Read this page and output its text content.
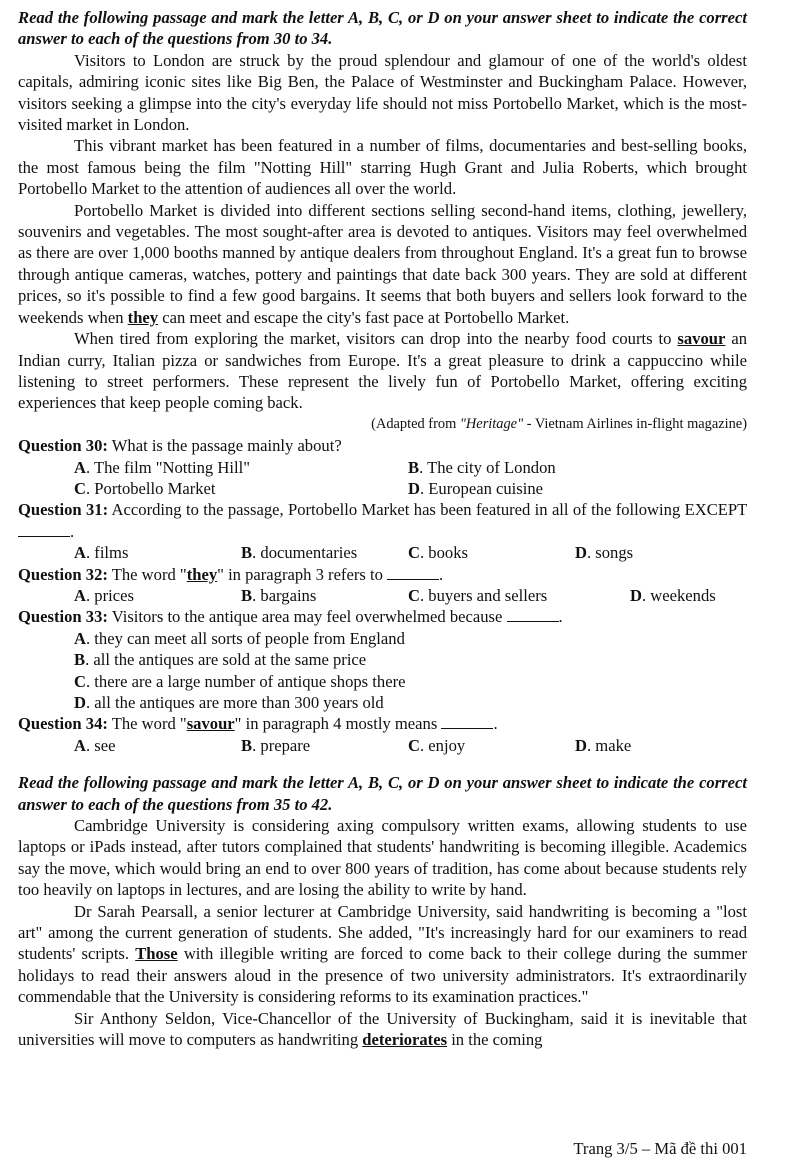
Read the following passage and mark the letter A, B, C, or D on your answer sheet to indicate the correct answer to each of the questions from 30 to 34.
Visitors to London are struck by the proud splendour and glamour of one of the world's oldest capitals, admiring iconic sites like Big Ben, the Palace of Westminster and Buckingham Palace. However, visitors seeking a glimpse into the city's everyday life should not miss Portobello Market, which is the most-visited market in London.
This vibrant market has been featured in a number of films, documentaries and best-selling books, the most famous being the film "Notting Hill" starring Hugh Grant and Julia Roberts, which brought Portobello Market to the attention of audiences all over the world.
Portobello Market is divided into different sections selling second-hand items, clothing, jewellery, souvenirs and vegetables. The most sought-after area is devoted to antiques. Visitors may feel overwhelmed as there are over 1,000 booths manned by antique dealers from throughout England. It's a great fun to browse through antique cameras, watches, pottery and paintings that date back 300 years. They are sold at different prices, so it's possible to find a few good bargains. It seems that both buyers and sellers look forward to the weekends when they can meet and escape the city's fast pace at Portobello Market.
When tired from exploring the market, visitors can drop into the nearby food courts to savour an Indian curry, Italian pizza or sandwiches from Europe. It's a great pleasure to drink a cappuccino while listening to street performers. These represent the lively fun of Portobello Market, offering exciting experiences that keep people coming back.
(Adapted from "Heritage" - Vietnam Airlines in-flight magazine)
Question 30: What is the passage mainly about?
A. The film "Notting Hill"	B. The city of London
C. Portobello Market	D. European cuisine
Question 31: According to the passage, Portobello Market has been featured in all of the following EXCEPT .
A. films	B. documentaries	C. books	D. songs
Question 32: The word "they" in paragraph 3 refers to	.
A. prices	B. bargains	C. buyers and sellers	D. weekends
Question 33: Visitors to the antique area may feel overwhelmed because	.
A. they can meet all sorts of people from England
B. all the antiques are sold at the same price
C. there are a large number of antique shops there
D. all the antiques are more than 300 years old
Question 34: The word "savour" in paragraph 4 mostly means	.
A. see	B. prepare	C. enjoy	D. make
Read the following passage and mark the letter A, B, C, or D on your answer sheet to indicate the correct answer to each of the questions from 35 to 42.
Cambridge University is considering axing compulsory written exams, allowing students to use laptops or iPads instead, after tutors complained that students' handwriting is becoming illegible. Academics say the move, which would bring an end to over 800 years of tradition, has come about because students rely too heavily on laptops in lectures, and are losing the ability to write by hand.
Dr Sarah Pearsall, a senior lecturer at Cambridge University, said handwriting is becoming a "lost art" among the current generation of students. She added, "It's increasingly hard for our examiners to read students' scripts. Those with illegible writing are forced to come back to their college during the summer holidays to read their answers aloud in the presence of two university administrators. It's extraordinarily commendable that the University is considering reforms to its examination practices."
Sir Anthony Seldon, Vice-Chancellor of the University of Buckingham, said it is inevitable that universities will move to computers as handwriting deteriorates in the coming
Trang 3/5 – Mã đề thi 001
